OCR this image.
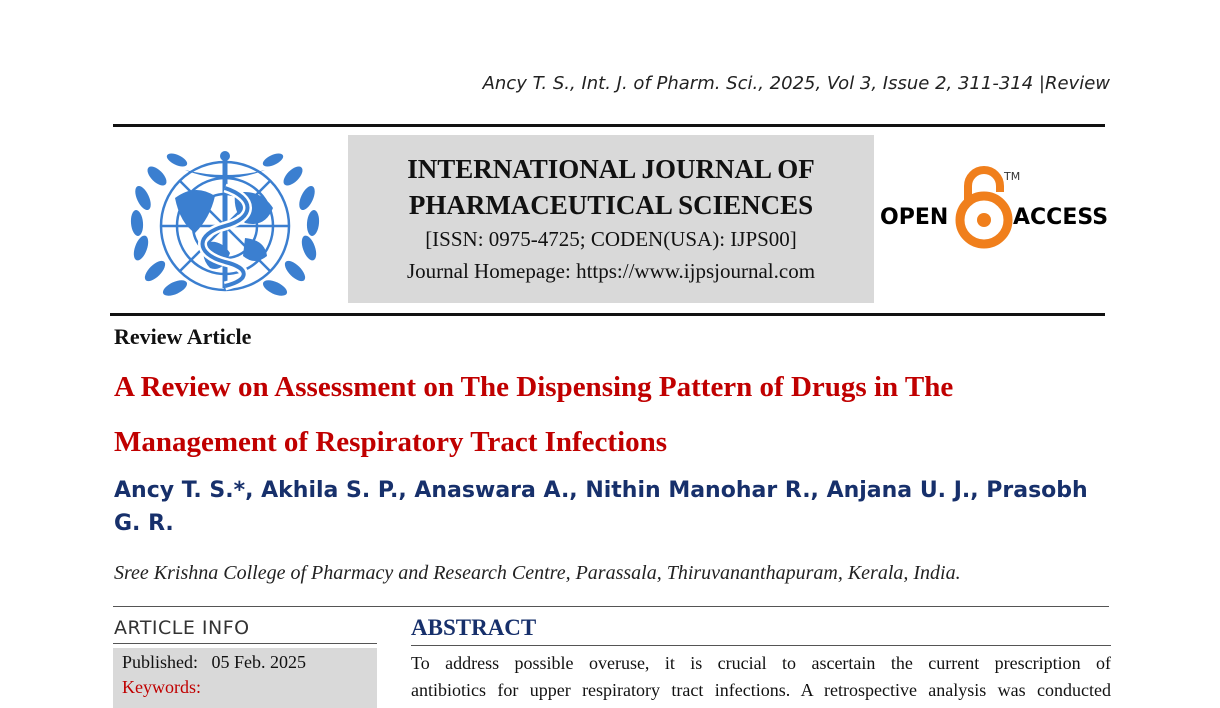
Ancy T. S., Int. J. of Pharm. Sci., 2025, Vol 3, Issue 2, 311-314 |Review
INTERNATIONAL JOURNAL OF
PHARMACEUTICAL SCIENCES
[ISSN: 0975-4725; CODEN(USA): IJPS00]
Journal Homepage: https://www.ijpsjournal.com
OPEN
TM
ACCESS
Review Article
A Review on Assessment on The Dispensing Pattern of Drugs in The
Management of Respiratory Tract Infections
Ancy T. S.*, Akhila S. P., Anaswara A., Nithin Manohar R., Anjana U. J., Prasobh G. R.
Sree Krishna College of Pharmacy and Research Centre, Parassala, Thiruvananthapuram, Kerala, India.
ARTICLE INFO
Published: 05 Feb. 2025
Keywords:
ABSTRACT
To address possible overuse, it is crucial to ascertain the current prescription of
antibiotics for upper respiratory tract infections. A retrospective analysis was conducted
